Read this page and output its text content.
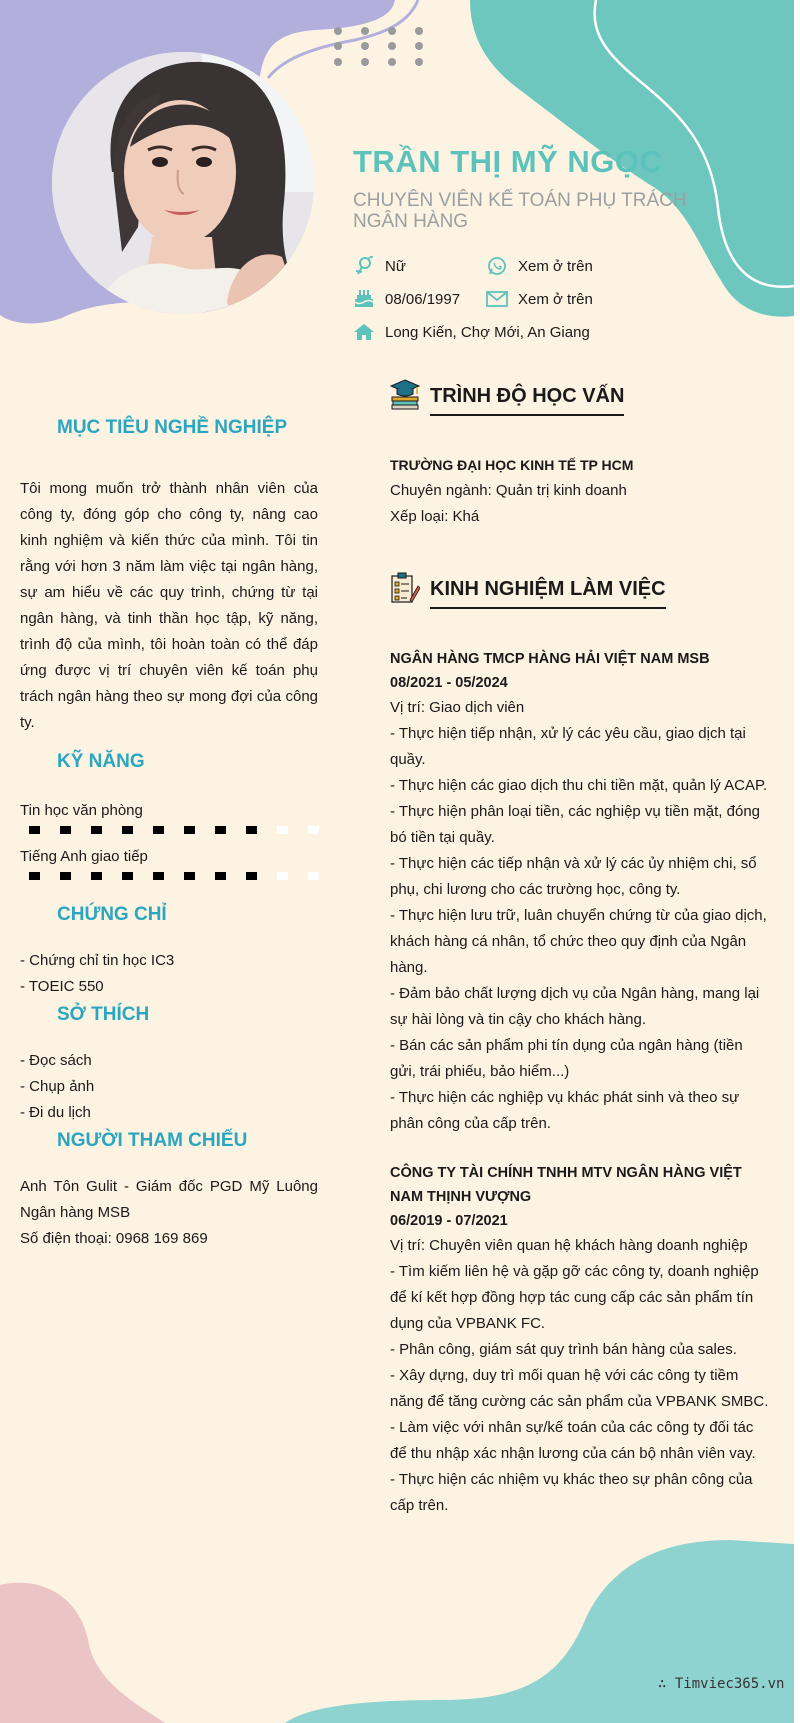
TRẦN THỊ MỸ NGỌC
CHUYÊN VIÊN KẾ TOÁN PHỤ TRÁCH NGÂN HÀNG
Nữ	Xem ở trên
08/06/1997	Xem ở trên
Long Kiến, Chợ Mới, An Giang
MỤC TIÊU NGHỀ NGHIỆP
Tôi mong muốn trở thành nhân viên của công ty, đóng góp cho công ty, nâng cao kinh nghiệm và kiến thức của mình. Tôi tin rằng với hơn 3 năm làm việc tại ngân hàng, sự am hiểu về các quy trình, chứng từ tại ngân hàng, và tinh thần học tập, kỹ năng, trình độ của mình, tôi hoàn toàn có thể đáp ứng được vị trí chuyên viên kế toán phụ trách ngân hàng theo sự mong đợi của công ty.
KỸ NĂNG
Tin học văn phòng
Tiếng Anh giao tiếp
CHỨNG CHỈ
- Chứng chỉ tin học IC3
- TOEIC 550
SỞ THÍCH
- Đọc sách
- Chụp ảnh
- Đi du lịch
NGƯỜI THAM CHIẾU
Anh Tôn Gulit - Giám đốc PGD Mỹ Luông Ngân hàng MSB
Số điện thoại: 0968 169 869
TRÌNH ĐỘ HỌC VẤN
TRƯỜNG ĐẠI HỌC KINH TẾ TP HCM
Chuyên ngành: Quản trị kinh doanh
Xếp loại: Khá
KINH NGHIỆM LÀM VIỆC
NGÂN HÀNG TMCP HÀNG HẢI VIỆT NAM MSB
08/2021 - 05/2024
Vị trí: Giao dịch viên
- Thực hiện tiếp nhận, xử lý các yêu cầu, giao dịch tại quầy.
- Thực hiện các giao dịch thu chi tiền mặt, quản lý ACAP.
- Thực hiện phân loại tiền, các nghiệp vụ tiền mặt, đóng bó tiền tại quầy.
- Thực hiện các tiếp nhận và xử lý các ủy nhiệm chi, sổ phụ, chi lương cho các trường học, công ty.
- Thực hiện lưu trữ, luân chuyển chứng từ của giao dịch, khách hàng cá nhân, tổ chức theo quy định của Ngân hàng.
- Đảm bảo chất lượng dịch vụ của Ngân hàng, mang lại sự hài lòng và tin cậy cho khách hàng.
- Bán các sản phẩm phi tín dụng của ngân hàng (tiền gửi, trái phiếu, bảo hiểm...)
- Thực hiện các nghiệp vụ khác phát sinh và theo sự phân công của cấp trên.
CÔNG TY TÀI CHÍNH TNHH MTV NGÂN HÀNG VIỆT NAM THỊNH VƯỢNG
06/2019 - 07/2021
Vị trí: Chuyên viên quan hệ khách hàng doanh nghiệp
- Tìm kiếm liên hệ và gặp gỡ các công ty, doanh nghiệp để kí kết hợp đồng hợp tác cung cấp các sản phẩm tín dụng của VPBANK FC.
- Phân công, giám sát quy trình bán hàng của sales.
- Xây dựng, duy trì mối quan hệ với các công ty tiềm năng để tăng cường các sản phẩm của VPBANK SMBC.
- Làm việc với nhân sự/kế toán của các công ty đối tác để thu nhập xác nhận lương của cán bộ nhân viên vay.
- Thực hiện các nhiệm vụ khác theo sự phân công của cấp trên.
∴ Timviec365.vn
